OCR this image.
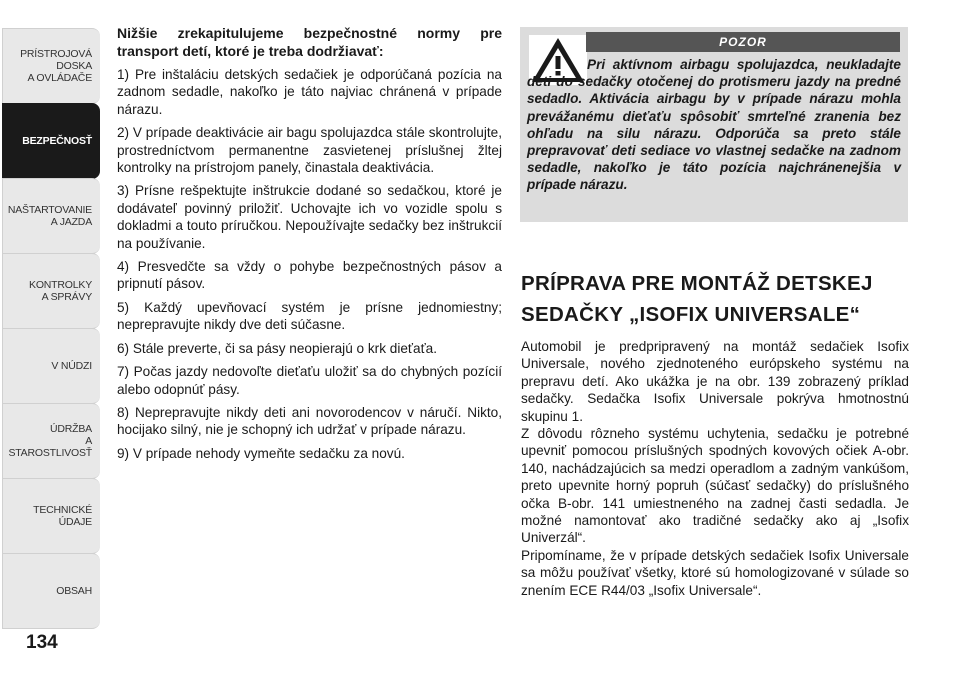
PRÍSTROJOVÁ
DOSKA
A OVLÁDAČE
BEZPEČNOSŤ
NAŠTARTOVANIE
A JAZDA
KONTROLKY
A SPRÁVY
V NÚDZI
ÚDRŽBA
A STAROSTLIVOSŤ
TECHNICKÉ ÚDAJE
OBSAH
134

Nižšie zrekapitulujeme bezpečnostné normy pre transport detí, ktoré je treba dodržiavať:

1) Pre inštaláciu detských sedačiek je odporúčaná pozícia na zadnom sedadle, nakoľko je táto najviac chránená v prípade nárazu.

2) V prípade deaktivácie air bagu spolujazdca stále skontrolujte, prostredníctvom permanentne zasvietenej príslušnej žltej kontrolky na prístrojom panely, činastala deaktivácia.

3) Prísne rešpektujte inštrukcie dodané so sedačkou, ktoré je dodávateľ povinný priložiť. Uchovajte ich vo vozidle spolu s dokladmi a touto príručkou. Nepoužívajte sedačky bez inštrukcií na používanie.

4) Presvedčte sa vždy o pohybe bezpečnostných pásov a pripnutí pásov.

5) Každý upevňovací systém je prísne jednomiestny; neprepravujte nikdy dve deti súčasne.

6) Stále preverte, či sa pásy neopierajú o krk dieťaťa.

7) Počas jazdy nedovoľte dieťaťu uložiť sa do chybných pozícií alebo odopnúť pásy.

8) Neprepravujte nikdy deti ani novorodencov v náručí. Nikto, hocijako silný, nie je schopný ich udržať v prípade nárazu.

9) V prípade nehody vymeňte sedačku za novú.

POZOR
Pri aktívnom airbagu spolujazdca, neukladajte deti do sedačky otočenej do protismeru jazdy na predné sedadlo. Aktivácia airbagu by v prípade nárazu mohla prevážanému dieťaťu spôsobiť smrteľné zranenia bez ohľadu na silu nárazu. Odporúča sa preto stále prepravovať deti sediace vo vlastnej sedačke na zadnom sedadle, nakoľko je táto pozícia najchránenejšia v prípade nárazu.
PRÍPRAVA PRE MONTÁŽ DETSKEJ
SEDAČKY „ISOFIX UNIVERSALE“

Automobil je predpripravený na montáž sedačiek Isofix Universale, nového zjednoteného európskeho systému na prepravu detí. Ako ukážka je na obr. 139 zobrazený príklad sedačky. Sedačka Isofix Universale pokrýva hmotnostnú skupinu 1.

Z dôvodu rôzneho systému uchytenia, sedačku je potrebné upevniť pomocou príslušných spodných kovových očiek A-obr. 140, nachádzajúcich sa medzi operadlom a zadným vankúšom, preto upevnite horný popruh (súčasť sedačky) do príslušného očka B-obr. 141 umiestneného na zadnej časti sedadla. Je možné namontovať ako tradičné sedačky ako aj „Isofix Univerzál“.

Pripomíname, že v prípade detských sedačiek Isofix Universale sa môžu používať všetky, ktoré sú homologizované v súlade so znením ECE R44/03 „Isofix Universale“.
